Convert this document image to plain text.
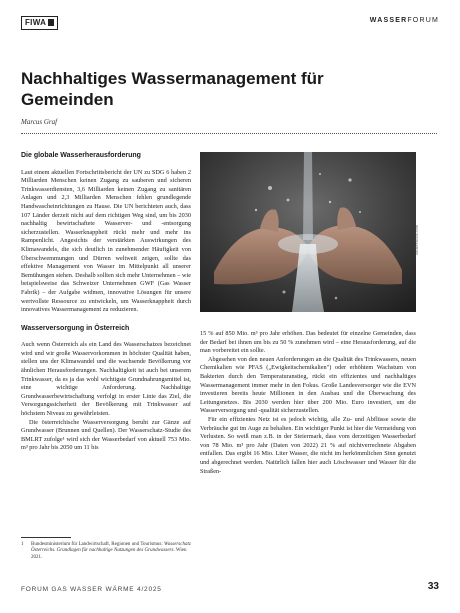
FIWA	WASSERFORUM
Nachhaltiges Wassermanagement für Gemeinden
Marcus Graf
Die globale Wasserherausforderung

Laut einem aktuellen Fortschrittsbericht der UN zu SDG 6 haben 2 Milliarden Menschen keinen Zugang zu sauberen und sicheren Trinkwasserdiensten, 3,6 Milliarden keinen Zugang zu sanitären Anlagen und 2,3 Milliarden Menschen fehlen grundlegende Handwascheinrichtungen zu Hause. Die UN berichteten auch, dass 107 Länder derzeit nicht auf dem richtigen Weg sind, um bis 2030 nachhaltig bewirtschaftete Wasserver- und -entsorgung sicherzustellen. Wasserknappheit rückt mehr und mehr ins Rampenlicht. Angesichts der verstärkten Auswirkungen des Klimawandels, die sich deutlich in zunehmender Häufigkeit von Überschwemmungen und Dürren weltweit zeigen, sollte das effektive Management von Wasser im Mittelpunkt all unserer Bemühungen stehen. Deshalb sollten sich mehr Unternehmen – wie beispielsweise das Schweizer Unternehmen GWF (Gas Wasser Fabrik) – der Aufgabe widmen, innovative Lösungen für unsere wertvollste Ressource zu entwickeln, um Wasserknappheit durch innovatives Wassermanagement zu reduzieren.

Wasserversorgung in Österreich

Auch wenn Österreich als ein Land des Wasserschatzes bezeichnet wird und wir große Wasservorkommen in höchster Qualität haben, stellen uns der Klimawandel und die wachsende Bevölkerung vor ähnlichen Herausforderungen. Nachhaltigkeit ist auch bei unserem Trinkwasser, da es ja das wohl wichtigste Grundnahrungsmittel ist, eine wichtige Anforderung. Nachhaltige Grundwasserbewirtschaftung verfolgt in erster Linie das Ziel, die Versorgungssicherheit der Bevölkerung mit Trinkwasser auf höchstem Niveau zu gewährleisten.

Die österreichische Wasserversorgung beruht zur Gänze auf Grundwasser (Brunnen und Quellen). Der Wasserschatz-Studie des BMLRT zufolge¹ wird sich der Wasserbedarf von aktuell 753 Mio. m³ pro Jahr bis 2050 um 11 bis

shutterstock.com

15 % auf 850 Mio. m³ pro Jahr erhöhen. Das bedeutet für einzelne Gemeinden, dass der Bedarf bei ihnen um bis zu 50 % zunehmen wird – eine Herausforderung, auf die man vorbereitet ein sollte.

Abgesehen von den neuen Anforderungen an die Qualität des Trinkwassers, neuen Chemikalien wie PFAS („Ewigkeitschemikalien") oder erhöhtem Wachstum von Bakterien durch den Temperaturanstieg, rückt ein effizientes und nachhaltiges Wassermanagement immer mehr in den Fokus. Große Landesversorger wie die EVN investieren bereits heute Millionen in den Ausbau und die Überwachung des Leitungsnetzes. Bis 2030 werden hier über 200 Mio. Euro investiert, um die Wasserversorgung und -qualität sicherzustellen.

Für ein effizientes Netz ist es jedoch wichtig, alle Zu- und Abflüsse sowie die Verbräuche gut im Auge zu behalten. Ein wichtiger Punkt ist hier die Vermeidung von Verlusten. So weiß man z.B. in der Steiermark, dass vom derzeitigen Wasserbedarf von 78 Mio. m³ pro Jahr (Daten von 2022) 21 % auf nichtverrechnete Abgaben entfallen. Das ergibt 16 Mio. Liter Wasser, die nicht im herkömmlichen Sinn genutzt und abgerechnet werden. Natürlich fallen hier auch Löschwasser und Wasser für die Straßen-

1	Bundesministerium für Landwirtschaft, Regionen und Tourismus: Wasserschatz Österreichs. Grundlagen für nachhaltige Nutzungen des Grundwassers. Wien 2021.
FORUM GAS WASSER WÄRME 4/2025	33
